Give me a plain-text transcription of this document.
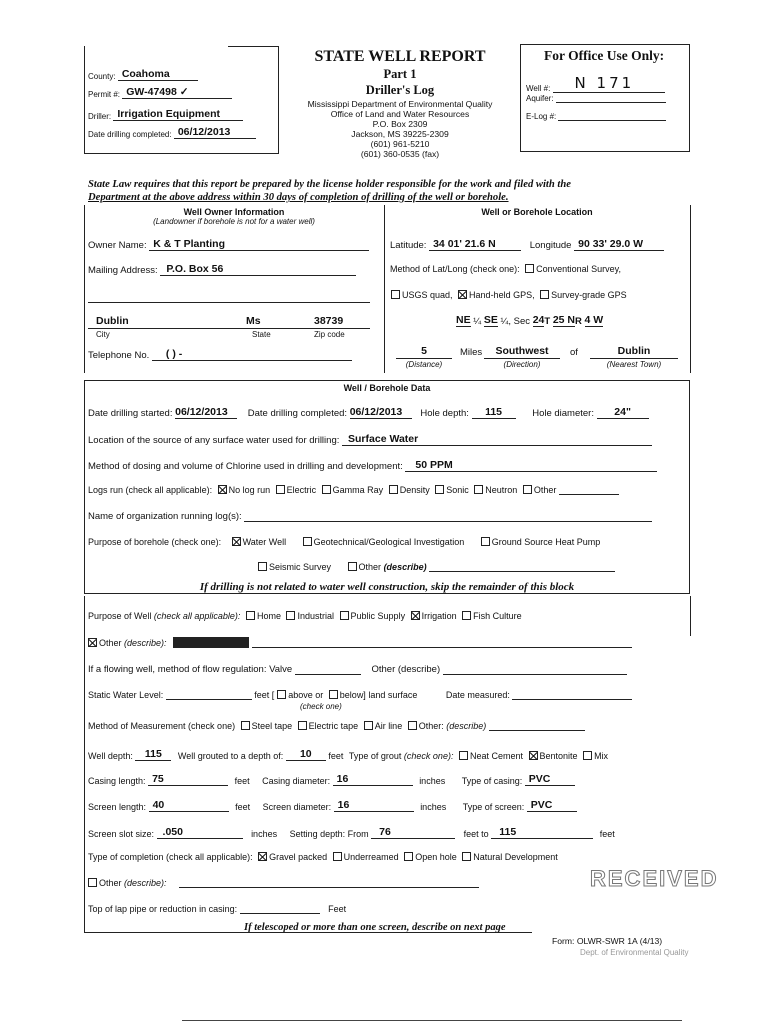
County: Coahoma
Permit #: GW-47498 ✓
Driller: Irrigation Equipment
Date drilling completed: 06/12/2013
STATE WELL REPORT
Part 1
Driller's Log
Mississippi Department of Environmental Quality
Office of Land and Water Resources
P.O. Box 2309
Jackson, MS 39225-2309
(601) 961-5210
(601) 360-0535 (fax)
For Office Use Only:
Well #: N 171
Aquifer:
E-Log #:
State Law requires that this report be prepared by the license holder responsible for the work and filed with the
Department at the above address within 30 days of completion of drilling of the well or borehole.
Well Owner Information
(Landowner if borehole is not for a water well)
Well or Borehole Location
Owner Name: K & T Planting
Mailing Address: P.O. Box 56
Dublin	Ms	38739
City	State	Zip code
Telephone No. ( ) -
Latitude: 34 01' 21.6 N	Longitude 90 33' 29.0 W
Method of Lat/Long (check one): Conventional Survey,
USGS quad, Hand-held GPS, Survey-grade GPS
NE ¼ SE ¼, Sec 24T 25 NR 4 W
5	Miles	Southwest	of	Dublin
(Distance)	(Direction)	(Nearest Town)
Well / Borehole Data
Date drilling started: 06/12/2013 Date drilling completed: 06/12/2013 Hole depth: 115	Hole diameter: 24"
Location of the source of any surface water used for drilling: Surface Water
Method of dosing and volume of Chlorine used in drilling and development: 50 PPM
Logs run (check all applicable): No log run Electric Gamma Ray Density Sonic Neutron Other
Name of organization running log(s):
Purpose of borehole (check one): Water Well	Geotechnical/Geological Investigation	Ground Source Heat Pump
Seismic Survey	Other (describe)
If drilling is not related to water well construction, skip the remainder of this block
Purpose of Well (check all applicable): Home Industrial Public Supply Irrigation Fish Culture
Other (describe):
If a flowing well, method of flow regulation: Valve	Other (describe)
Static Water Level:	feet [ above or below] land surface	Date measured:
(check one)
Method of Measurement (check one) Steel tape Electric tape Air line Other: (describe)
Well depth: 115 Well grouted to a depth of: 10 feet Type of grout (check one): Neat Cement Bentonite Mix
Casing length: 75	feet Casing diameter: 16	inches Type of casing: PVC
Screen length: 40	feet Screen diameter: 16	inches Type of screen: PVC
Screen slot size: .050	inches Setting depth: From 76	feet to 115	feet
Type of completion (check all applicable): Gravel packed Underreamed Open hole Natural Development
Other (describe):	RECEIVED
Top of lap pipe or reduction in casing:	Feet
If telescoped or more than one screen, describe on next page
Form: OLWR-SWR 1A (4/13)
Dept. of Environmental Quality
